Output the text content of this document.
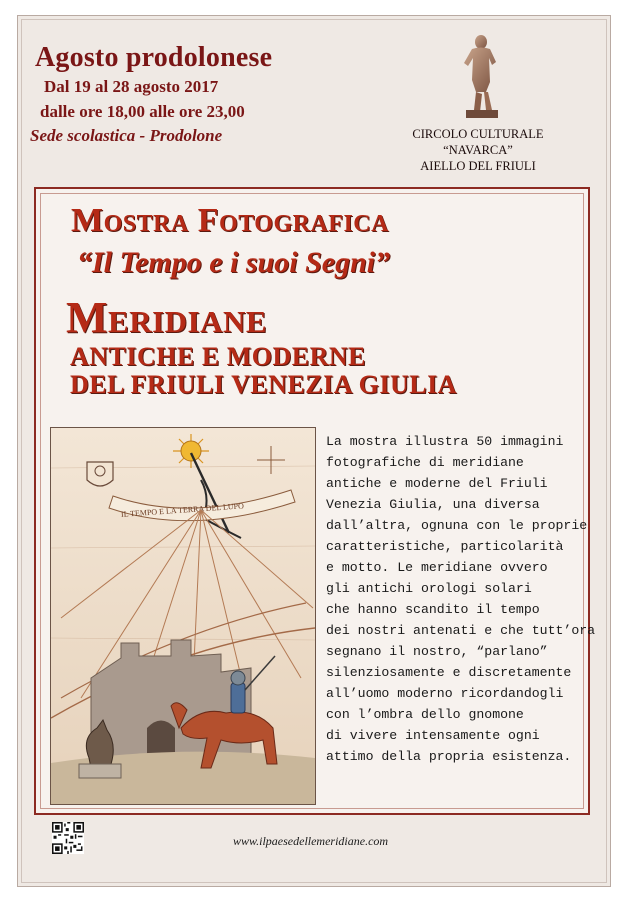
Agosto prodolonese
Dal 19 al 28 agosto 2017
dalle ore 18,00 alle ore 23,00
Sede scolastica - Prodolone	CIRCOLO CULTURALE
“NAVARCA”
AIELLO DEL FRIULI
Mostra Fotografica
“Il Tempo e i suoi Segni”
Meridiane
ANTICHE E MODERNE
DEL FRIULI VENEZIA GIULIA
IL TEMPO E LA TERRA DEL LUPO
La mostra illustra 50 immagini
fotografiche di meridiane
antiche e moderne del Friuli
Venezia Giulia, una diversa
dall’altra, ognuna con le proprie
caratteristiche, particolarità
e motto. Le meridiane ovvero
gli antichi orologi solari
che hanno scandito il tempo
dei nostri antenati e che tutt’ora
segnano il nostro, “parlano”
silenziosamente e discretamente
all’uomo moderno ricordandogli
con l’ombra dello gnomone
di vivere intensamente ogni
attimo della propria esistenza.
www.ilpaesedellemeridiane.com
